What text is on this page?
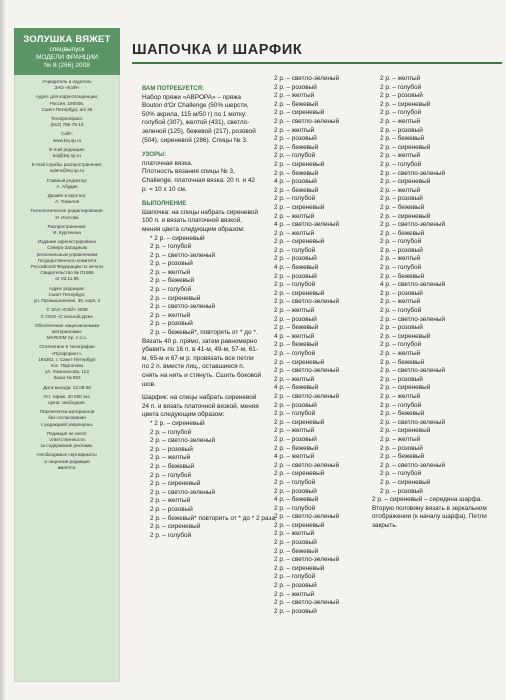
ЗОЛУШКА ВЯЖЕТ
спецвыпуск
МОДЕЛИ ФРАНЦИИ
№ 8 (266) 2008

Учредитель и издатель
ЗАО «КЭЙ»

Адрес для корреспонденции:
Россия, 190005,
Санкт-Петербург, а/я 36

Телефон/факс:
(812) 786-75-13

Сайт:
www.kej.sp.ru

E-mail редакции:
kej@kej.sp.ru

E-mail службы распространения:
salers@kej.sp.ru

Главный редактор:
А. Абудин

Дизайн и верстка:
А. Томилов

Технологическое редактирование:
И. Изотова

Распространение:
И. Курочкина

Издание зарегистрировано
Северо-Западным
региональным управлением
Государственного комитета
Российской Федерации по печати
Свидетельство № П1695
от 03.11.95

Адрес редакции:
Санкт-Петербург,
ул. Промышленная, 38, корп. 2

© ЗАО «КЭЙ» 2008
© ООО «Стальной Дом»

Обеспечение лицензионными материалами:
MARIXIM Sp. z o.o.

Отпечатано в типографии
«Профпринт».
194362, г. Санкт-Петербург
пос. Парголово
ул. Ломоносова, 113
Заказ № 863

Дата выхода: 22.08.08

Уст. тираж: 40 000 экз.
Цена: свободная.

Перепечатка материалов
без согласования
с редакцией запрещена.

Редакция не несет
ответственности
за содержание рекламы.

Необходимые сертификаты
и лицензии редакция
имеется.

ШАПОЧКА И ШАРФИК
ВАМ ПОТРЕБУЕТСЯ:

Набор пряжи «АВРОРА» – пряжа Bouton d'Or Challenge (50% шерсти, 50% акрила, 115 м/50 г) по 1 мотку: голубой (307), желтой (431), светло-зеленой (125), бежевой (217), розовой (504), сиреневой (286). Спицы № 3.

УЗОРЫ:

платочная вязка.
Плотность вязания спицы № 3, Challenge, платочная вязка: 20 п. и 42 р. = 10 х 10 см.

ВЫПОЛНЕНИЕ

Шапочка: на спицы набрать сиреневой 100 п. и вязать платочной вязкой, меняя цвета следующим образом:

* 2 р. – сиреневый
2 р. – голубой
2 р. – светло-зеленый
2 р. – розовый
2 р. – желтый
2 р. – бежевый
2 р. – голубой
2 р. – сиреневый
2 р. – светло-зеленый
2 р. – желтый
2 р. – розовый
2 р. – бежевый*, повторять от * до *.

Вязать 40 р. прямо, затем равномерно убавить по 16 п. в 41-м, 49-м, 57-м, 61-м, 65-м и 67-м р. провязать все петли по 2 п. вместе лиц., оставшиеся п. снять на нить и стянуть. Сшить боковой шов.

Шарфик: на спицы набрать сиреневой 24 п. и вязать платочной вязкой, меняя цвета следующим образом:

* 2 р. – сиреневый
2 р. – голубой
2 р. – светло-зеленый
2 р. – розовый
2 р. – желтый
2 р. – бежевый
2 р. – голубой
2 р. – сиреневый
2 р. – светло-зеленый
2 р. – желтый
2 р. – розовый
2 р. – бежевый* повторить от * до * 2 раза,
2 р. – сиреневый
2 р. – голубой
2 р. – светло-зеленый
2 р. – розовый
2 р. – желтый
2 р. – бежевый
2 р. – сиреневый
2 р. – светло-зеленый
2 р. – желтый
2 р. – розовый
2 р. – бежевый
2 р. – голубой
2 р. – сиреневый
2 р. – бежевый
4 р. – розовый
2 р. – бежевый
2 р. – голубой
2 р. – сиреневый
2 р. – желтый
4 р. – светло-зеленый
2 р. – желтый
2 р. – сиреневый
2 р. – голубой
2 р. – розовый
4 р. – бежевый
2 р. – розовый
2 р. – голубой
2 р. – сиреневый
2 р. – светло-зеленый
2 р. – желтый
2 р. – розовый
2 р. – бежевый
4 р. – желтый
2 р. – бежевый
2 р. – голубой
2 р. – сиреневый
2 р. – светло-зеленый
2 р. – желтый
4 р. – бежевый
2 р. – светло-зеленый
2 р. – розовый
2 р. – голубой
2 р. – сиреневый
2 р. – желтый
2 р. – розовый
2 р. – бежевый
4 р. – желтый
2 р. – светло-зеленый
2 р. – сиреневый
2 р. – голубой
2 р. – розовый
4 р. – бежевый
2 р. – голубой
2 р. – светло-зеленый
2 р. – сиреневый
2 р. – желтый
2 р. – розовый
2 р. – бежевый
2 р. – светло-зеленый
2 р. – сиреневый
2 р. – голубой
2 р. – розовый
2 р. – желтый
2 р. – светло-зеленый
2 р. – розовый
2 р. – желтый
2 р. – голубой
2 р. – розовый
2 р. – сиреневый
2 р. – голубой
2 р. – желтый
2 р. – розовый
2 р. – бежевый
2 р. – сиреневый
2 р. – желтый
2 р. – голубой
2 р. – светло-зеленый
2 р. – сиреневый
2 р. – желтый
2 р. – розовый
2 р. – бежевый
2 р. – сиреневый
2 р. – светло-зеленый
2 р. – бежевый
2 р. – голубой
2 р. – розовый
2 р. – желтый
2 р. – голубой
2 р. – бежевый
4 р. – светло-зеленый
2 р. – розовый
2 р. – желтый
2 р. – голубой
2 р. – светло-зеленый
2 р. – розовый
2 р. – сиреневый
2 р. – голубой
2 р. – желтый
2 р. – бежевый
2 р. – светло-зеленый
2 р. – розовый
2 р. – сиреневый
2 р. – желтый
2 р. – голубой
2 р. – бежевый
2 р. – светло-зеленый
2 р. – сиреневый
2 р. – желтый
2 р. – розовый
2 р. – бежевый
2 р. – светло-зеленый
2 р. – голубой
2 р. – сиреневый
2 р. – розовый

2 р. – сиреневый – середина шарфа. Вторую половину вязать в зеркальном отображении (к началу шарфа). Петли закрыть.
